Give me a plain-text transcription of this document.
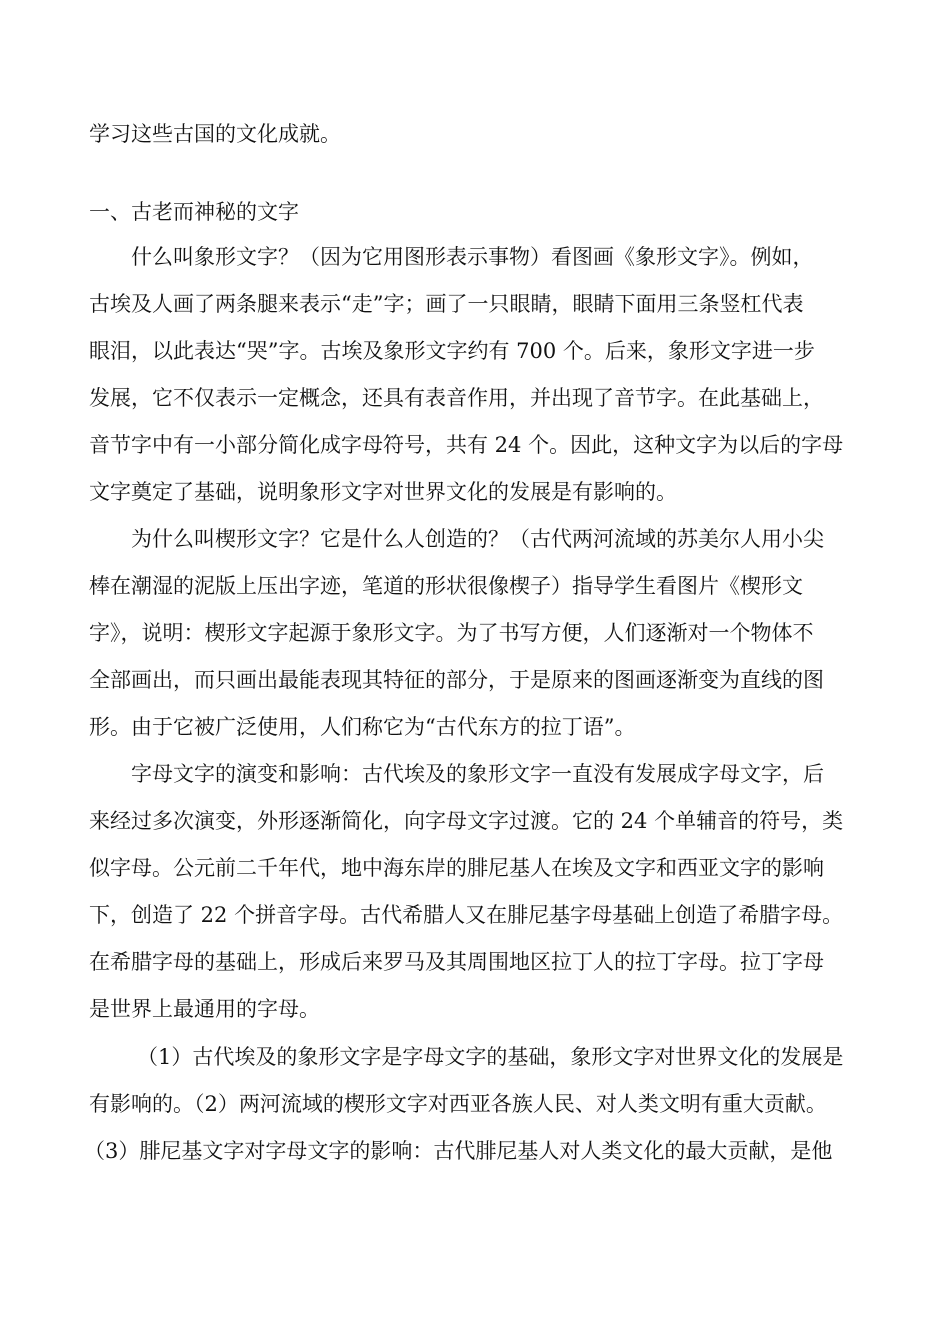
学习这些古国的文化成就。
一、古老而神秘的文字
什么叫象形文字？（因为它用图形表示事物）看图画《象形文字》。例如，
古埃及人画了两条腿来表示“走”字；画了一只眼睛，眼睛下面用三条竖杠代表
眼泪，以此表达“哭”字。古埃及象形文字约有 700 个。后来，象形文字进一步
发展，它不仅表示一定概念，还具有表音作用，并出现了音节字。在此基础上，
音节字中有一小部分简化成字母符号，共有 24 个。因此，这种文字为以后的字母
文字奠定了基础，说明象形文字对世界文化的发展是有影响的。
为什么叫楔形文字？它是什么人创造的？（古代两河流域的苏美尔人用小尖
棒在潮湿的泥版上压出字迹，笔道的形状很像楔子）指导学生看图片《楔形文
字》，说明：楔形文字起源于象形文字。为了书写方便，人们逐渐对一个物体不
全部画出，而只画出最能表现其特征的部分，于是原来的图画逐渐变为直线的图
形。由于它被广泛使用，人们称它为“古代东方的拉丁语”。
字母文字的演变和影响：古代埃及的象形文字一直没有发展成字母文字，后
来经过多次演变，外形逐渐简化，向字母文字过渡。它的 24 个单辅音的符号，类
似字母。公元前二千年代，地中海东岸的腓尼基人在埃及文字和西亚文字的影响
下，创造了 22 个拼音字母。古代希腊人又在腓尼基字母基础上创造了希腊字母。
在希腊字母的基础上，形成后来罗马及其周围地区拉丁人的拉丁字母。拉丁字母
是世界上最通用的字母。
（1）古代埃及的象形文字是字母文字的基础，象形文字对世界文化的发展是
有影响的。（2）两河流域的楔形文字对西亚各族人民、对人类文明有重大贡献。
（3）腓尼基文字对字母文字的影响：古代腓尼基人对人类文化的最大贡献，是他
